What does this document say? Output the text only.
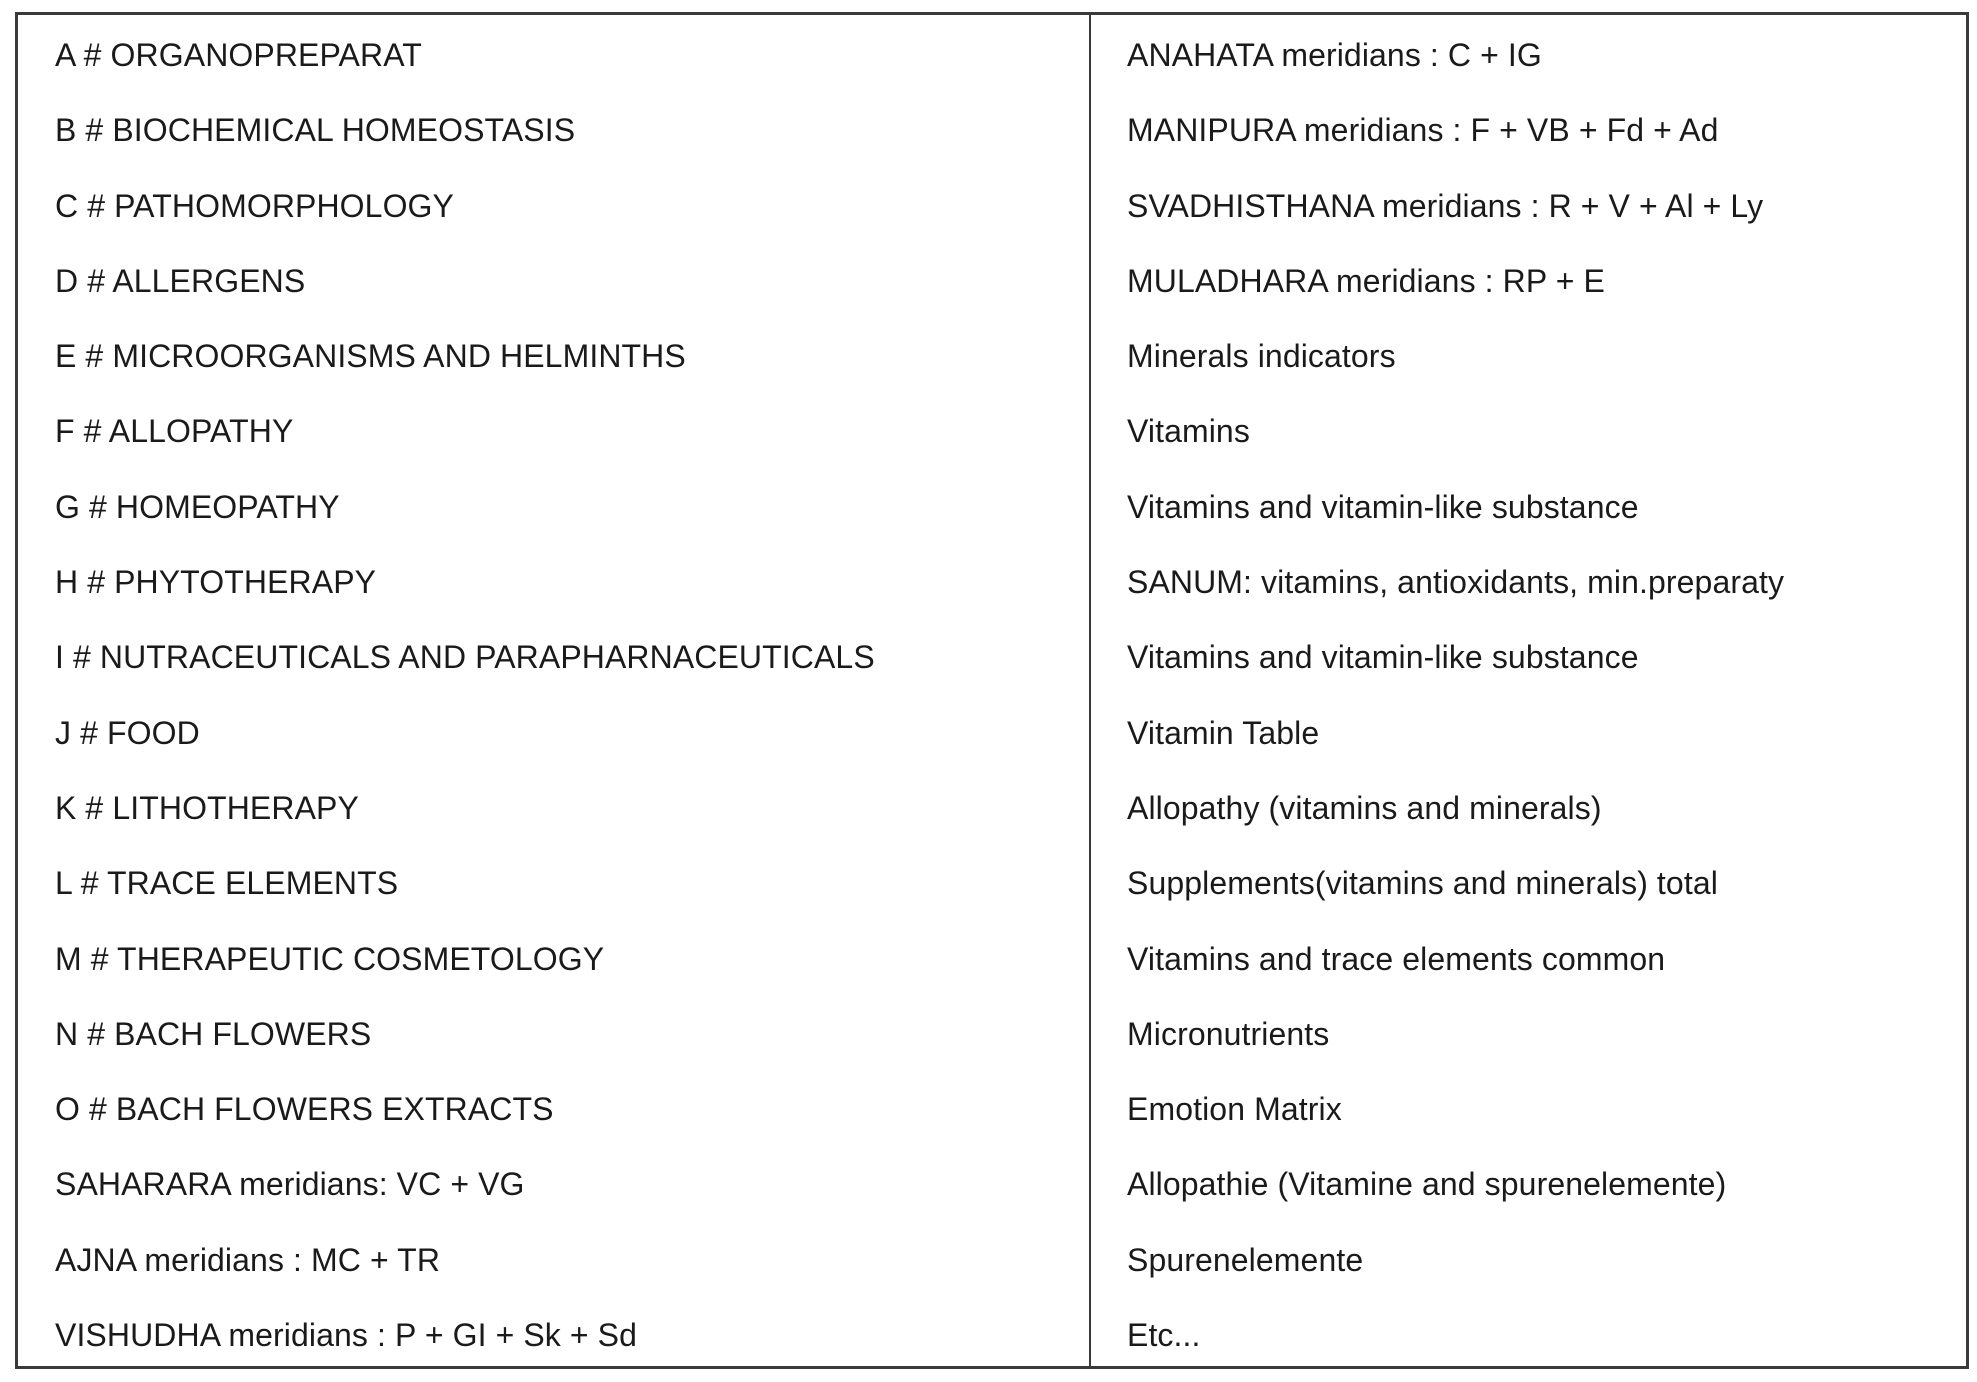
A # ORGANOPREPARAT
B # BIOCHEMICAL HOMEOSTASIS
C # PATHOMORPHOLOGY
D # ALLERGENS
E # MICROORGANISMS AND HELMINTHS
F # ALLOPATHY
G # HOMEOPATHY
H # PHYTOTHERAPY
I # NUTRACEUTICALS AND PARAPHARNACEUTICALS
J # FOOD
K # LITHOTHERAPY
L # TRACE ELEMENTS
M # THERAPEUTIC COSMETOLOGY
N # BACH FLOWERS
O # BACH FLOWERS EXTRACTS
SAHARARA meridians: VC + VG
AJNA meridians : MC + TR
VISHUDHA meridians : P + GI + Sk + Sd
ANAHATA meridians : C + IG
MANIPURA meridians : F + VB + Fd + Ad
SVADHISTHANA meridians : R + V + Al + Ly
MULADHARA meridians : RP + E
Minerals indicators
Vitamins
Vitamins and vitamin-like substance
SANUM: vitamins, antioxidants, min.preparaty
Vitamins and vitamin-like substance
Vitamin Table
Allopathy (vitamins and minerals)
Supplements(vitamins and minerals) total
Vitamins and trace elements common
Micronutrients
Emotion Matrix
Allopathie (Vitamine and spurenelemente)
Spurenelemente
Etc...
